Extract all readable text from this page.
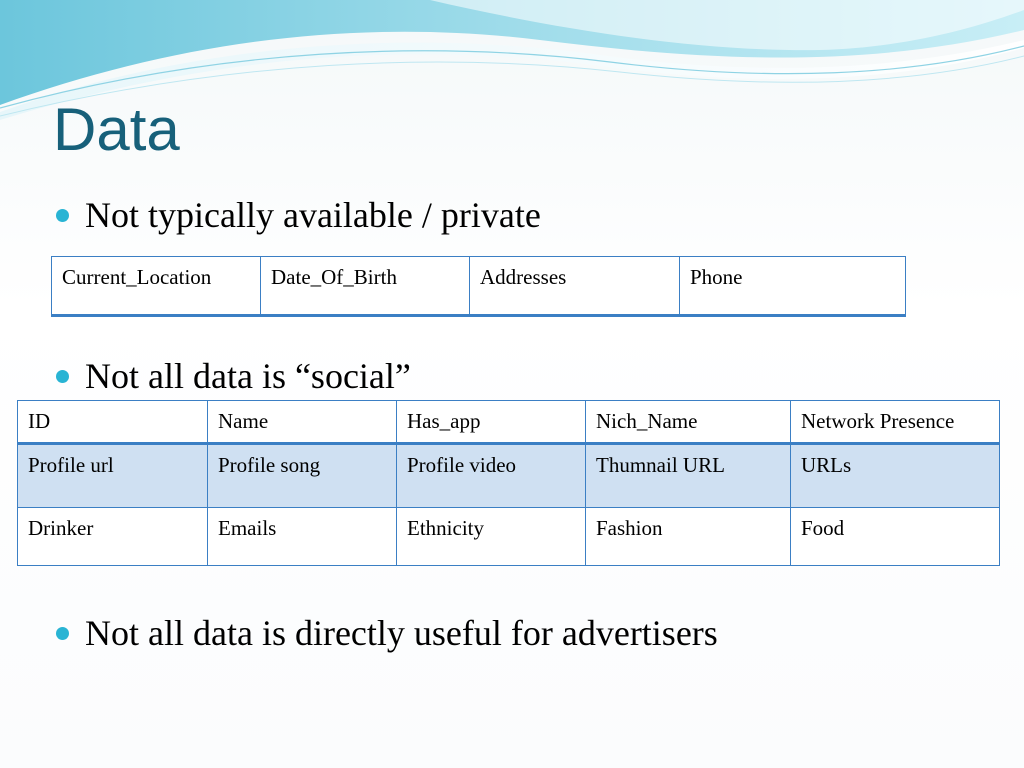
Data
Not typically available / private
Current_Location	Date_Of_Birth	Addresses	Phone
Not all data is “social”
ID	Name	Has_app	Nich_Name	Network Presence
Profile url	Profile song	Profile video	Thumnail URL	URLs
Drinker	Emails	Ethnicity	Fashion	Food
Not all data is directly useful for advertisers
